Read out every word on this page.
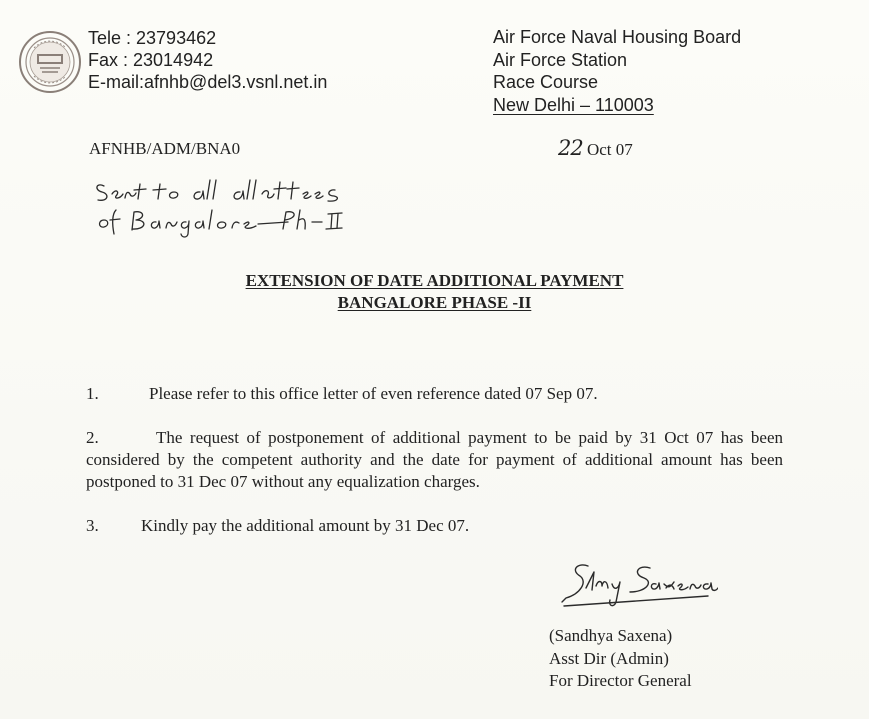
Tele : 23793462
Fax : 23014942
E-mail:afnhb@del3.vsnl.net.in
Air Force Naval Housing Board
Air Force Station
Race Course
New Delhi – 110003
AFNHB/ADM/BNA0	22 Oct 07
EXTENSION OF DATE ADDITIONAL PAYMENT
BANGALORE PHASE -II
1.	Please refer to this office letter of even reference dated 07 Sep 07.
2.	The request of postponement of additional payment to be paid by 31 Oct 07 has been considered by the competent authority and the date for payment of additional amount has been postponed to 31 Dec 07 without any equalization charges.
3. Kindly pay the additional amount by 31 Dec 07.
(Sandhya Saxena)
Asst Dir (Admin)
For Director General
